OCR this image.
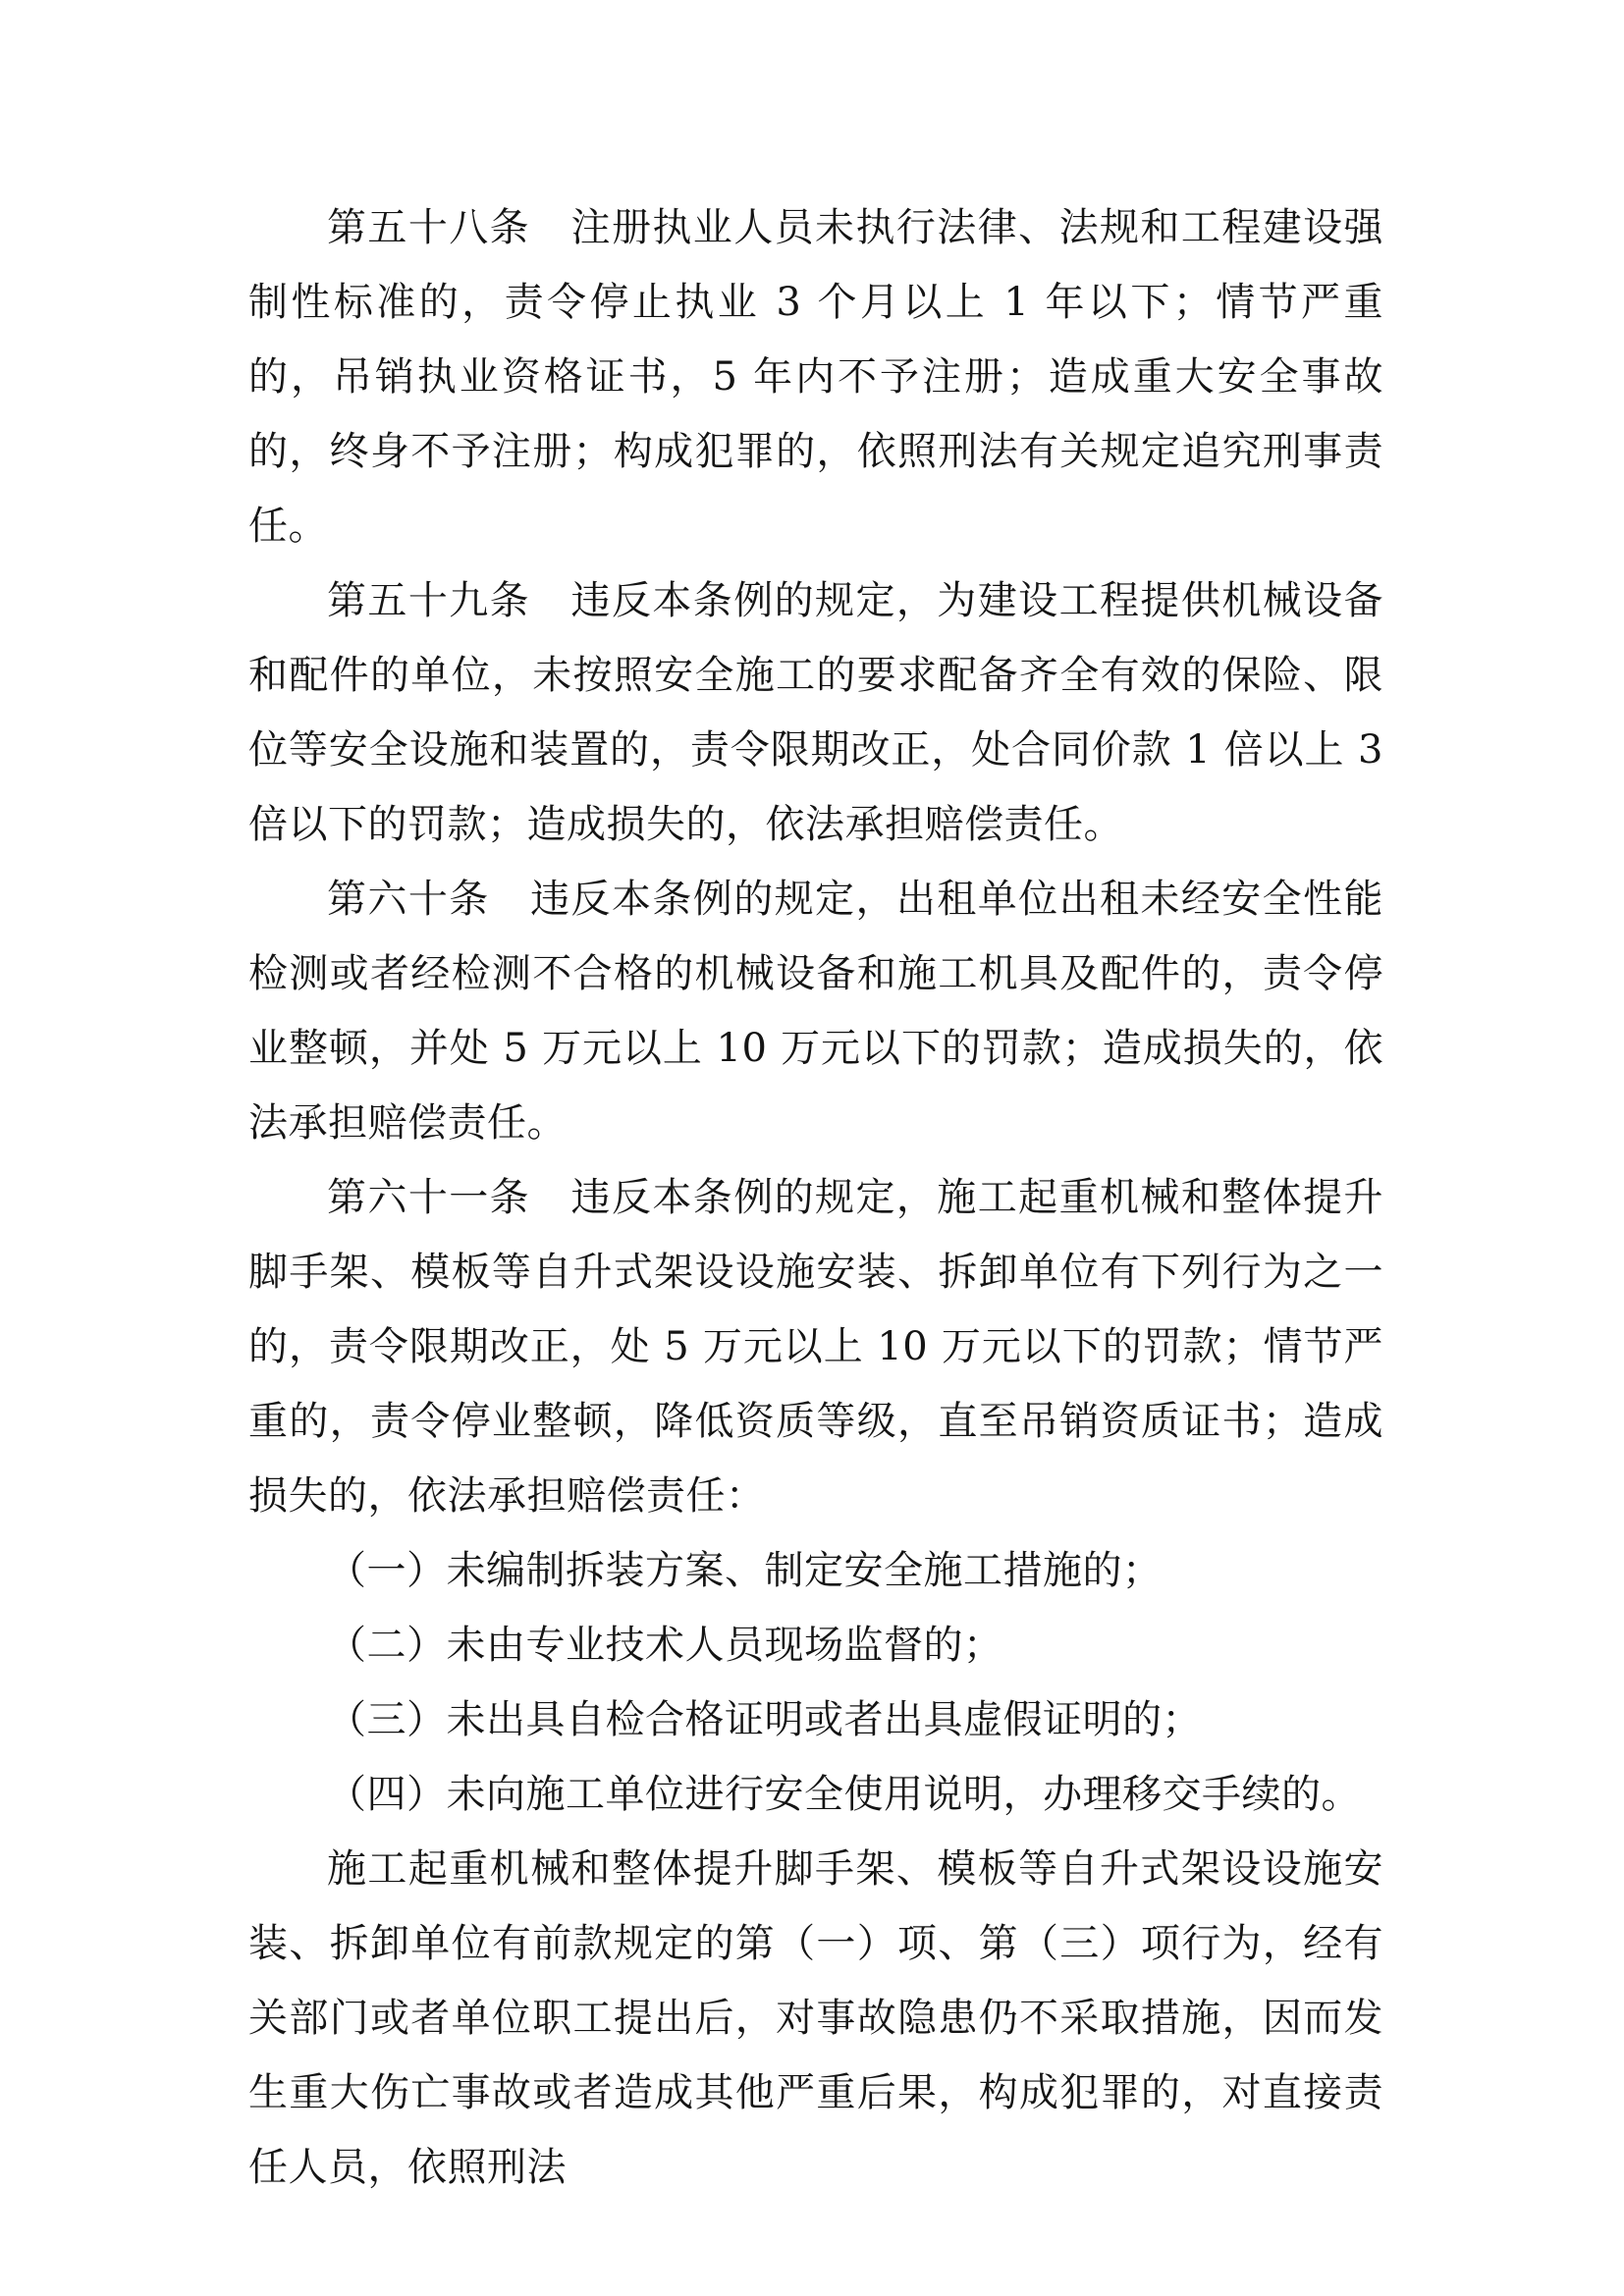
第五十八条　 注册执业人员未执行法律、法规和工程建设强制性标准的，责令停止执业 3 个月以上 1 年以下；情节严重的，吊销执业资格证书，5 年内不予注册；造成重大安全事故的，终身不予注册；构成犯罪的，依照刑法有关规定追究刑事责任。

第五十九条　 违反本条例的规定，为建设工程提供机械设备和配件的单位，未按照安全施工的要求配备齐全有效的保险、限位等安全设施和装置的，责令限期改正，处合同价款 1 倍以上 3 倍以下的罚款；造成损失的，依法承担赔偿责任。

第六十条　 违反本条例的规定，出租单位出租未经安全性能检测或者经检测不合格的机械设备和施工机具及配件的，责令停业整顿，并处 5 万元以上 10 万元以下的罚款；造成损失的，依法承担赔偿责任。

第六十一条　 违反本条例的规定，施工起重机械和整体提升脚手架、模板等自升式架设设施安装、拆卸单位有下列行为之一的，责令限期改正，处 5 万元以上 10 万元以下的罚款；情节严重的，责令停业整顿，降低资质等级，直至吊销资质证书；造成损失的，依法承担赔偿责任：

（一）未编制拆装方案、制定安全施工措施的；

（二）未由专业技术人员现场监督的；

（三）未出具自检合格证明或者出具虚假证明的；

（四）未向施工单位进行安全使用说明，办理移交手续的。

施工起重机械和整体提升脚手架、模板等自升式架设设施安装、拆卸单位有前款规定的第（一）项、第（三）项行为，经有关部门或者单位职工提出后，对事故隐患仍不采取措施，因而发生重大伤亡事故或者造成其他严重后果，构成犯罪的，对直接责任人员，依照刑法
